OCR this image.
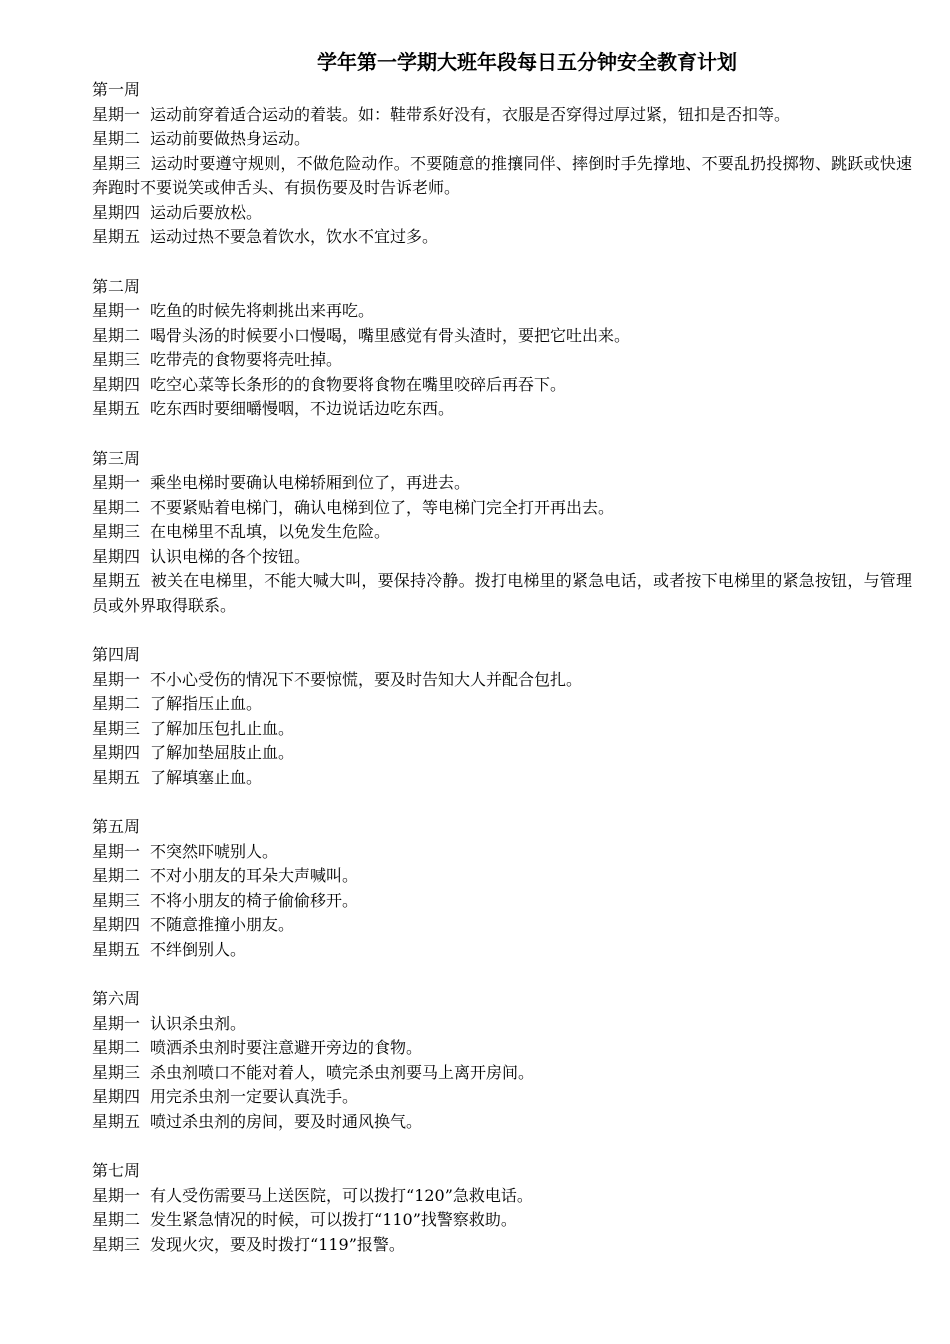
学年第一学期大班年段每日五分钟安全教育计划

第一周

星期一 运动前穿着适合运动的着装。如：鞋带系好没有，衣服是否穿得过厚过紧，钮扣是否扣等。

星期二 运动前要做热身运动。

星期三 运动时要遵守规则，不做危险动作。不要随意的推攘同伴、摔倒时手先撑地、不要乱扔投掷物、跳跃或快速奔跑时不要说笑或伸舌头、有损伤要及时告诉老师。

星期四 运动后要放松。

星期五 运动过热不要急着饮水，饮水不宜过多。

第二周

星期一 吃鱼的时候先将刺挑出来再吃。

星期二 喝骨头汤的时候要小口慢喝，嘴里感觉有骨头渣时，要把它吐出来。

星期三 吃带壳的食物要将壳吐掉。

星期四 吃空心菜等长条形的的食物要将食物在嘴里咬碎后再吞下。

星期五 吃东西时要细嚼慢咽，不边说话边吃东西。

第三周

星期一 乘坐电梯时要确认电梯轿厢到位了，再进去。

星期二 不要紧贴着电梯门，确认电梯到位了，等电梯门完全打开再出去。

星期三 在电梯里不乱填，以免发生危险。

星期四 认识电梯的各个按钮。

星期五 被关在电梯里，不能大喊大叫，要保持冷静。拨打电梯里的紧急电话，或者按下电梯里的紧急按钮，与管理员或外界取得联系。

第四周

星期一 不小心受伤的情况下不要惊慌，要及时告知大人并配合包扎。

星期二 了解指压止血。

星期三 了解加压包扎止血。

星期四 了解加垫屈肢止血。

星期五 了解填塞止血。

第五周

星期一 不突然吓唬别人。

星期二 不对小朋友的耳朵大声喊叫。

星期三 不将小朋友的椅子偷偷移开。

星期四 不随意推撞小朋友。

星期五 不绊倒别人。

第六周

星期一 认识杀虫剂。

星期二 喷洒杀虫剂时要注意避开旁边的食物。

星期三 杀虫剂喷口不能对着人，喷完杀虫剂要马上离开房间。

星期四 用完杀虫剂一定要认真洗手。

星期五 喷过杀虫剂的房间，要及时通风换气。

第七周

星期一 有人受伤需要马上送医院，可以拨打“120”急救电话。

星期二 发生紧急情况的时候，可以拨打“110”找警察救助。

星期三 发现火灾，要及时拨打“119”报警。
